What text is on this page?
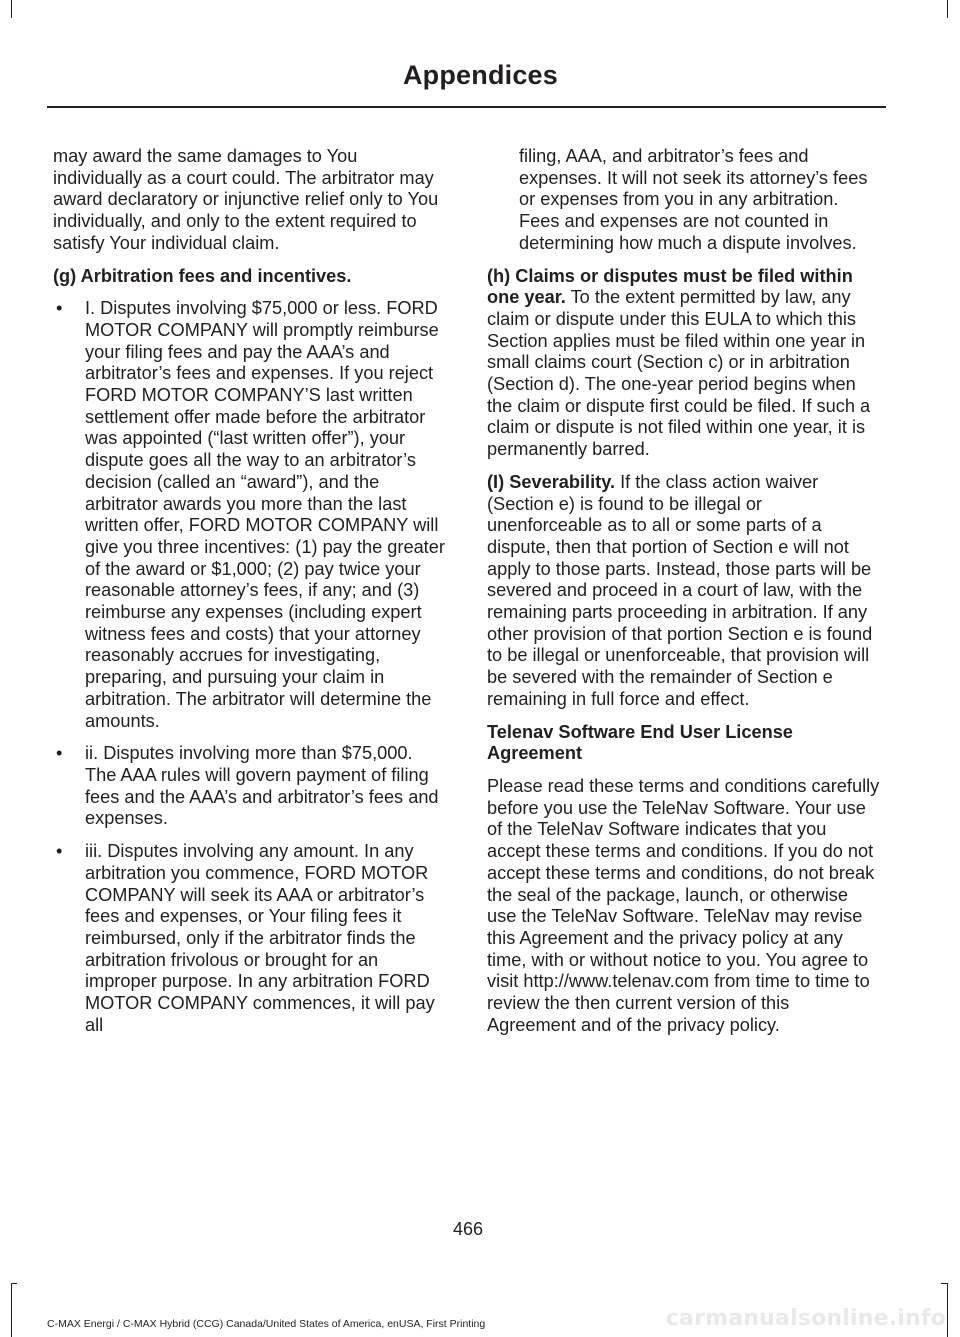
Appendices

may award the same damages to You individually as a court could. The arbitrator may award declaratory or injunctive relief only to You individually, and only to the extent required to satisfy Your individual claim.

(g) Arbitration fees and incentives.

• I. Disputes involving $75,000 or less. FORD MOTOR COMPANY will promptly reimburse your filing fees and pay the AAA’s and arbitrator’s fees and expenses. If you reject FORD MOTOR COMPANY’S last written settlement offer made before the arbitrator was appointed (“last written offer”), your dispute goes all the way to an arbitrator’s decision (called an “award”), and the arbitrator awards you more than the last written offer, FORD MOTOR COMPANY will give you three incentives: (1) pay the greater of the award or $1,000; (2) pay twice your reasonable attorney’s fees, if any; and (3) reimburse any expenses (including expert witness fees and costs) that your attorney reasonably accrues for investigating, preparing, and pursuing your claim in arbitration. The arbitrator will determine the amounts.
• ii. Disputes involving more than $75,000. The AAA rules will govern payment of filing fees and the AAA’s and arbitrator’s fees and expenses.
• iii. Disputes involving any amount. In any arbitration you commence, FORD MOTOR COMPANY will seek its AAA or arbitrator’s fees and expenses, or Your filing fees it reimbursed, only if the arbitrator finds the arbitration frivolous or brought for an improper purpose. In any arbitration FORD MOTOR COMPANY commences, it will pay all

filing, AAA, and arbitrator’s fees and expenses. It will not seek its attorney’s fees or expenses from you in any arbitration. Fees and expenses are not counted in determining how much a dispute involves.

(h) Claims or disputes must be filed within one year. To the extent permitted by law, any claim or dispute under this EULA to which this Section applies must be filed within one year in small claims court (Section c) or in arbitration (Section d). The one-year period begins when the claim or dispute first could be filed. If such a claim or dispute is not filed within one year, it is permanently barred.

(I) Severability. If the class action waiver (Section e) is found to be illegal or unenforceable as to all or some parts of a dispute, then that portion of Section e will not apply to those parts. Instead, those parts will be severed and proceed in a court of law, with the remaining parts proceeding in arbitration. If any other provision of that portion Section e is found to be illegal or unenforceable, that provision will be severed with the remainder of Section e remaining in full force and effect.

Telenav Software End User License Agreement

Please read these terms and conditions carefully before you use the TeleNav Software. Your use of the TeleNav Software indicates that you accept these terms and conditions. If you do not accept these terms and conditions, do not break the seal of the package, launch, or otherwise use the TeleNav Software. TeleNav may revise this Agreement and the privacy policy at any time, with or without notice to you. You agree to visit http://www.telenav.com from time to time to review the then current version of this Agreement and of the privacy policy.

466
C-MAX Energi / C-MAX Hybrid (CCG) Canada/United States of America, enUSA, First Printing	carmanualsonline.info
